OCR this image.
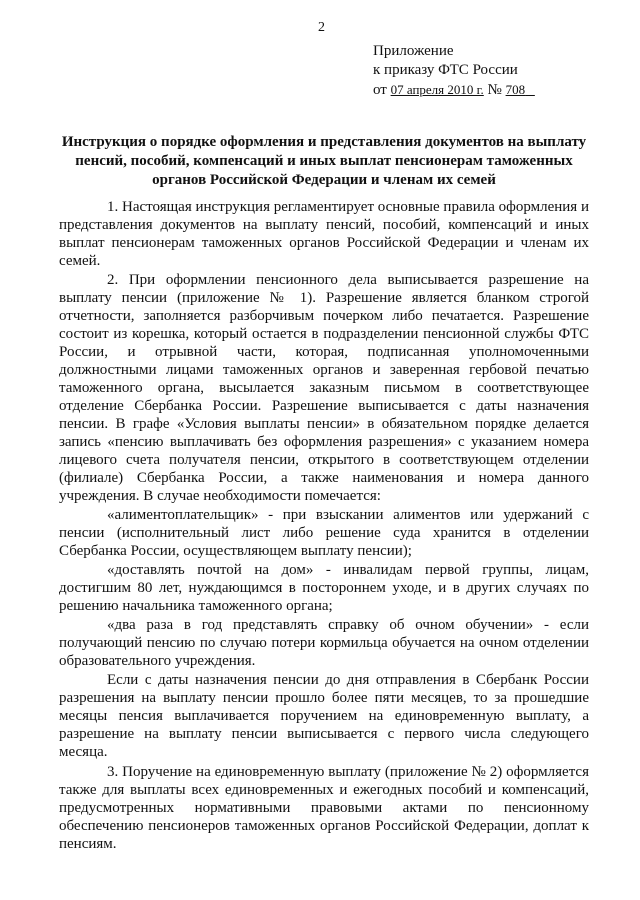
2
Приложение
к приказу ФТС России
от 07 апреля 2010 г. № 708
Инструкция о порядке оформления и представления документов на выплату пенсий, пособий, компенсаций и иных выплат пенсионерам таможенных органов Российской Федерации и членам их семей

1. Настоящая инструкция регламентирует основные правила оформления и представления документов на выплату пенсий, пособий, компенсаций и иных выплат пенсионерам таможенных органов Российской Федерации и членам их семей.

2. При оформлении пенсионного дела выписывается разрешение на выплату пенсии (приложение № 1). Разрешение является бланком строгой отчетности, заполняется разборчивым почерком либо печатается. Разрешение состоит из корешка, который остается в подразделении пенсионной службы ФТС России, и отрывной части, которая, подписанная уполномоченными должностными лицами таможенных органов и заверенная гербовой печатью таможенного органа, высылается заказным письмом в соответствующее отделение Сбербанка России. Разрешение выписывается с даты назначения пенсии. В графе «Условия выплаты пенсии» в обязательном порядке делается запись «пенсию выплачивать без оформления разрешения» с указанием номера лицевого счета получателя пенсии, открытого в соответствующем отделении (филиале) Сбербанка России, а также наименования и номера данного учреждения. В случае необходимости помечается:

«алиментоплательщик» - при взыскании алиментов или удержаний с пенсии (исполнительный лист либо решение суда хранится в отделении Сбербанка России, осуществляющем выплату пенсии);

«доставлять почтой на дом» - инвалидам первой группы, лицам, достигшим 80 лет, нуждающимся в постороннем уходе, и в других случаях по решению начальника таможенного органа;

«два раза в год представлять справку об очном обучении» - если получающий пенсию по случаю потери кормильца обучается на очном отделении образовательного учреждения.

Если с даты назначения пенсии до дня отправления в Сбербанк России разрешения на выплату пенсии прошло более пяти месяцев, то за прошедшие месяцы пенсия выплачивается поручением на единовременную выплату, а разрешение на выплату пенсии выписывается с первого числа следующего месяца.

3. Поручение на единовременную выплату (приложение № 2) оформляется также для выплаты всех единовременных и ежегодных пособий и компенсаций, предусмотренных нормативными правовыми актами по пенсионному обеспечению пенсионеров таможенных органов Российской Федерации, доплат к пенсиям.
